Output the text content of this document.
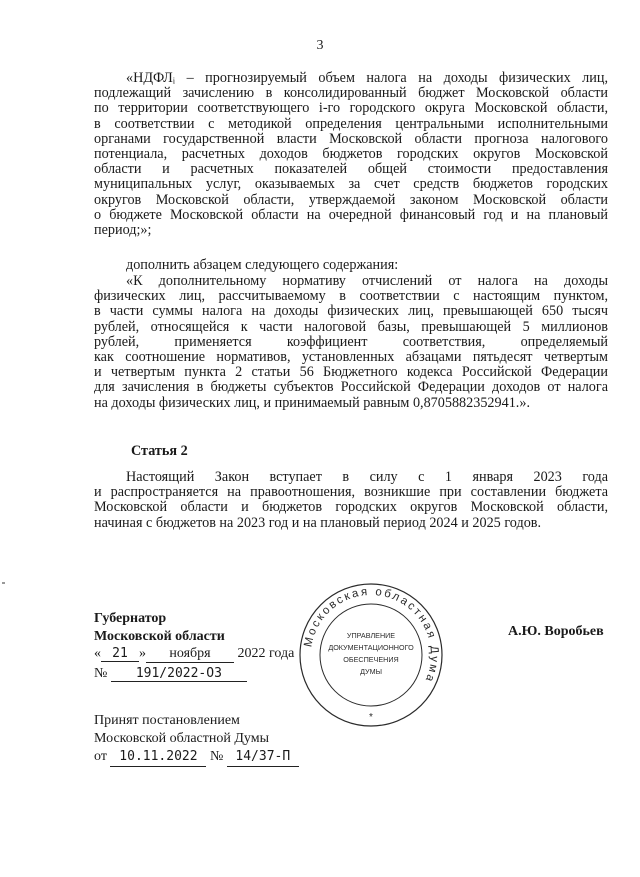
3
«НДФЛᵢ – прогнозируемый объем налога на доходы физических лиц,
подлежащий зачислению в консолидированный бюджет Московской области
по территории соответствующего i-го городского округа Московской области,
в соответствии с методикой определения центральными исполнительными
органами государственной власти Московской области прогноза налогового
потенциала, расчетных доходов бюджетов городских округов Московской
области и расчетных показателей общей стоимости предоставления
муниципальных услуг, оказываемых за счет средств бюджетов городских
округов Московской области, утверждаемой законом Московской области
о бюджете Московской области на очередной финансовый год и на плановый
период;»;
дополнить абзацем следующего содержания:
«К дополнительному нормативу отчислений от налога на доходы
физических лиц, рассчитываемому в соответствии с настоящим пунктом,
в части суммы налога на доходы физических лиц, превышающей 650 тысяч
рублей, относящейся к части налоговой базы, превышающей 5 миллионов
рублей, применяется коэффициент соответствия, определяемый
как соотношение нормативов, установленных абзацами пятьдесят четвертым
и четвертым пункта 2 статьи 56 Бюджетного кодекса Российской Федерации
для зачисления в бюджеты субъектов Российской Федерации доходов от налога
на доходы физических лиц, и принимаемый равным 0,8705882352941.».
Статья 2
Настоящий Закон вступает в силу с 1 января 2023 года
и распространяется на правоотношения, возникшие при составлении бюджета
Московской области и бюджетов городских округов Московской области,
начиная с бюджетов на 2023 год и на плановый период 2024 и 2025 годов.
Губернатор
Московской области	А.Ю. Воробьев
« 21 » ноября 2022 года
№ 191/2022-ОЗ
Московская областная Дума
УПРАВЛЕНИЕ
ДОКУМЕНТАЦИОННОГО
ОБЕСПЕЧЕНИЯ
ДУМЫ
*
Принят постановлением
Московской областной Думы
от 10.11.2022 № 14/37-П
